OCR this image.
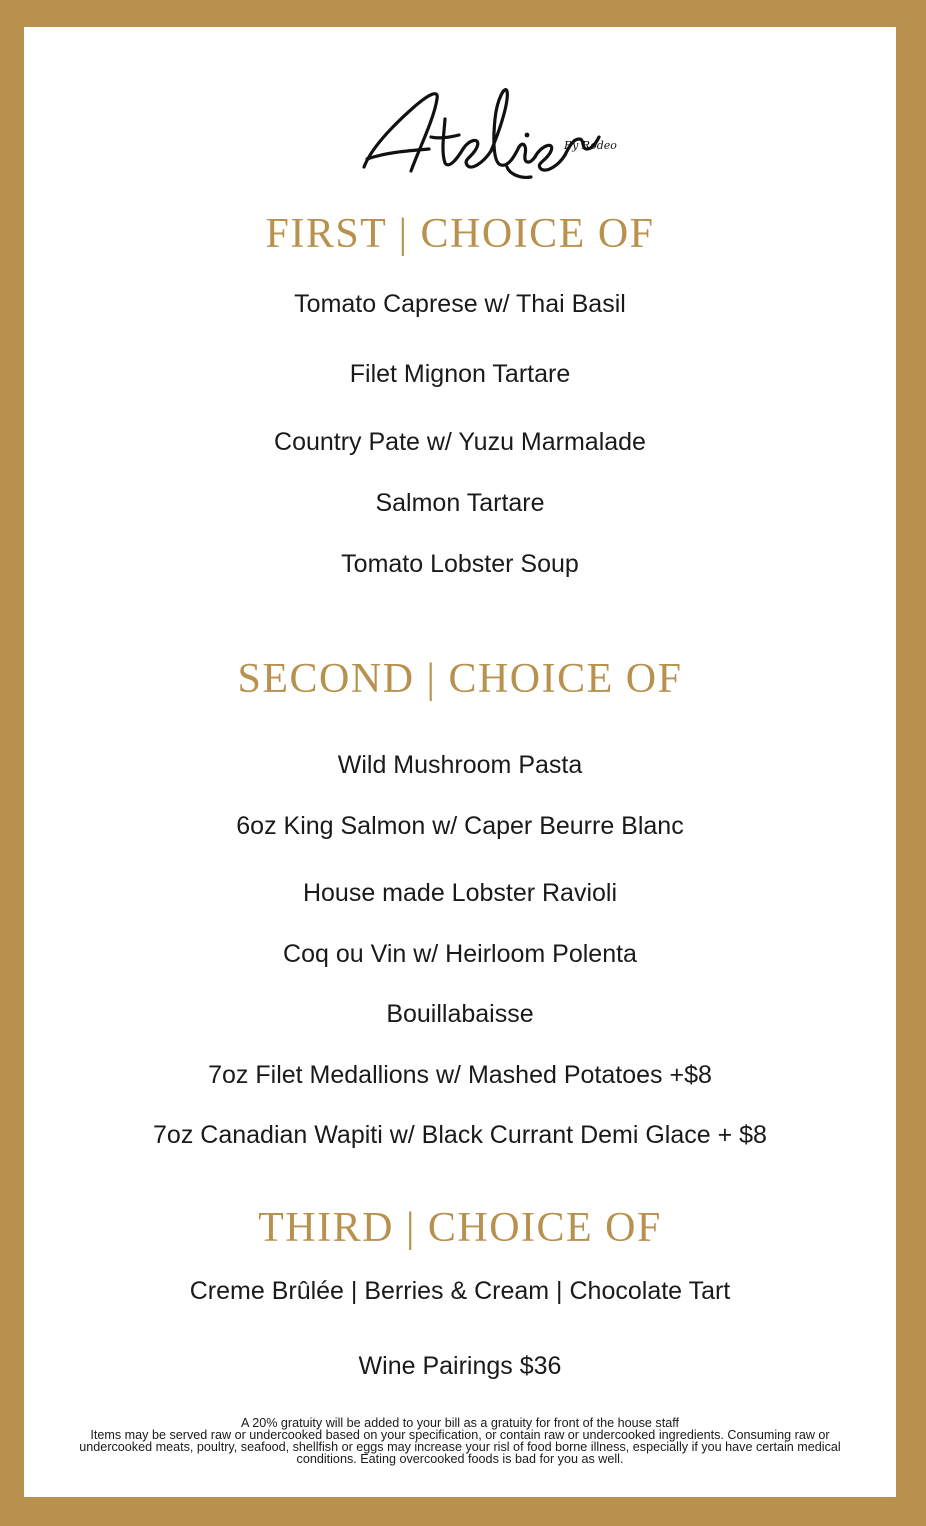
By Rodeo
FIRST | CHOICE OF
Tomato Caprese w/ Thai Basil
Filet Mignon Tartare
Country Pate w/ Yuzu Marmalade
Salmon Tartare
Tomato Lobster Soup
SECOND | CHOICE OF
Wild Mushroom Pasta
6oz King Salmon w/ Caper Beurre Blanc
House made Lobster Ravioli
Coq ou Vin w/ Heirloom Polenta
Bouillabaisse
7oz Filet Medallions w/ Mashed Potatoes +$8
7oz Canadian Wapiti w/ Black Currant Demi Glace + $8
THIRD | CHOICE OF
Creme Brûlée | Berries & Cream | Chocolate Tart
Wine Pairings $36
A 20% gratuity will be added to your bill as a gratuity for front of the house staff
Items may be served raw or undercooked based on your specification, or contain raw or undercooked ingredients. Consuming raw or
undercooked meats, poultry, seafood, shellfish or eggs may increase your risl of food borne illness, especially if you have certain medical
conditions. Eating overcooked foods is bad for you as well.
